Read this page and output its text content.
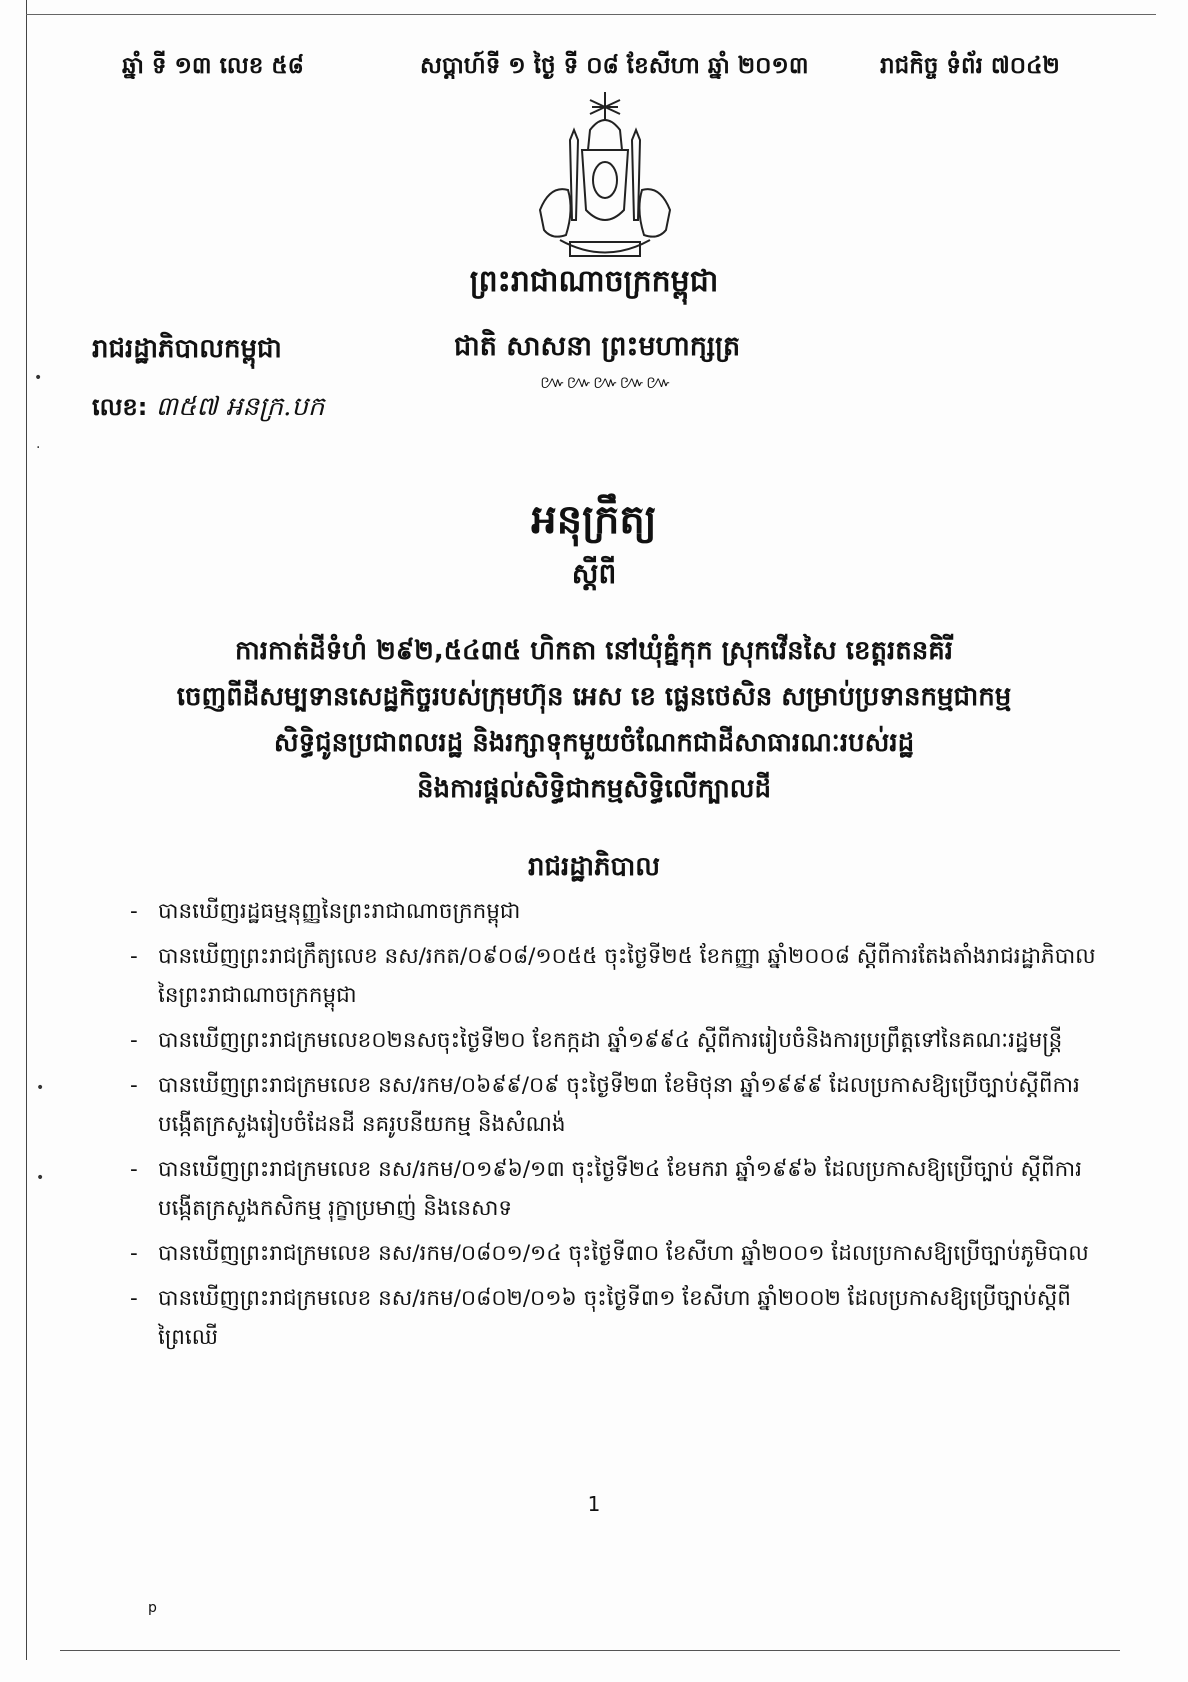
ឆ្នាំ ទី ១៣ លេខ ៥៨	សប្តាហ៍ទី ១ ថ្ងៃ ទី ០៨ ខែសីហា ឆ្នាំ ២០១៣	រាជកិច្ច ទំព័រ ៧០៤២
ព្រះរាជាណាចក្រកម្ពុជា
រាជរដ្ឋាភិបាលកម្ពុជា	ជាតិ សាសនា ព្រះមហាក្សត្រ
៚៚៚៚៚
លេខ: ៣៥៧ អនក្រ.បក
•
·
•
•
អនុក្រឹត្យ
ស្តីពី
ការកាត់ដីទំហំ ២៩២,៥៤៣៥ ហិកតា នៅឃុំគ្នំកុក ស្រុកវើនសៃ ខេត្តរតនគិរី
ចេញពីដីសម្បទានសេដ្ឋកិច្ចរបស់ក្រុមហ៊ុន អេស ខេ ផ្លេនថេសិន សម្រាប់ប្រទានកម្មជាកម្ម
សិទ្ធិជូនប្រជាពលរដ្ឋ និងរក្សាទុកមួយចំណែកជាដីសាធារណៈរបស់រដ្ឋ
និងការផ្តល់សិទ្ធិជាកម្មសិទ្ធិលើក្បាលដី
រាជរដ្ឋាភិបាល
- បានឃើញរដ្ឋធម្មនុញ្ញនៃព្រះរាជាណាចក្រកម្ពុជា
- បានឃើញព្រះរាជក្រឹត្យលេខ នស/រកត/០៩០៨/១០៥៥ ចុះថ្ងៃទី២៥ ខែកញ្ញា ឆ្នាំ២០០៨ ស្តីពីការតែងតាំងរាជរដ្ឋាភិបាលនៃព្រះរាជាណាចក្រកម្ពុជា
- បានឃើញព្រះរាជក្រមលេខ០២នសចុះថ្ងៃទី២០ ខែកក្កដា ឆ្នាំ១៩៩៤ ស្តីពីការរៀបចំនិងការប្រព្រឹត្តទៅនៃគណៈរដ្ឋមន្ត្រី
- បានឃើញព្រះរាជក្រមលេខ នស/រកម/០៦៩៩/០៩ ចុះថ្ងៃទី២៣ ខែមិថុនា ឆ្នាំ១៩៩៩ ដែលប្រកាសឱ្យប្រើច្បាប់ស្តីពីការបង្កើតក្រសួងរៀបចំដែនដី នគរូបនីយកម្ម និងសំណង់
- បានឃើញព្រះរាជក្រមលេខ នស/រកម/០១៩៦/១៣ ចុះថ្ងៃទី២៤ ខែមករា ឆ្នាំ១៩៩៦ ដែលប្រកាសឱ្យប្រើច្បាប់ ស្តីពីការបង្កើតក្រសួងកសិកម្ម រុក្ខាប្រមាញ់ និងនេសាទ
- បានឃើញព្រះរាជក្រមលេខ នស/រកម/០៨០១/១៤ ចុះថ្ងៃទី៣០ ខែសីហា ឆ្នាំ២០០១ ដែលប្រកាសឱ្យប្រើច្បាប់ភូមិបាល
- បានឃើញព្រះរាជក្រមលេខ នស/រកម/០៨០២/០១៦ ចុះថ្ងៃទី៣១ ខែសីហា ឆ្នាំ២០០២ ដែលប្រកាសឱ្យប្រើច្បាប់ស្តីពីព្រៃឈើ
1
p
